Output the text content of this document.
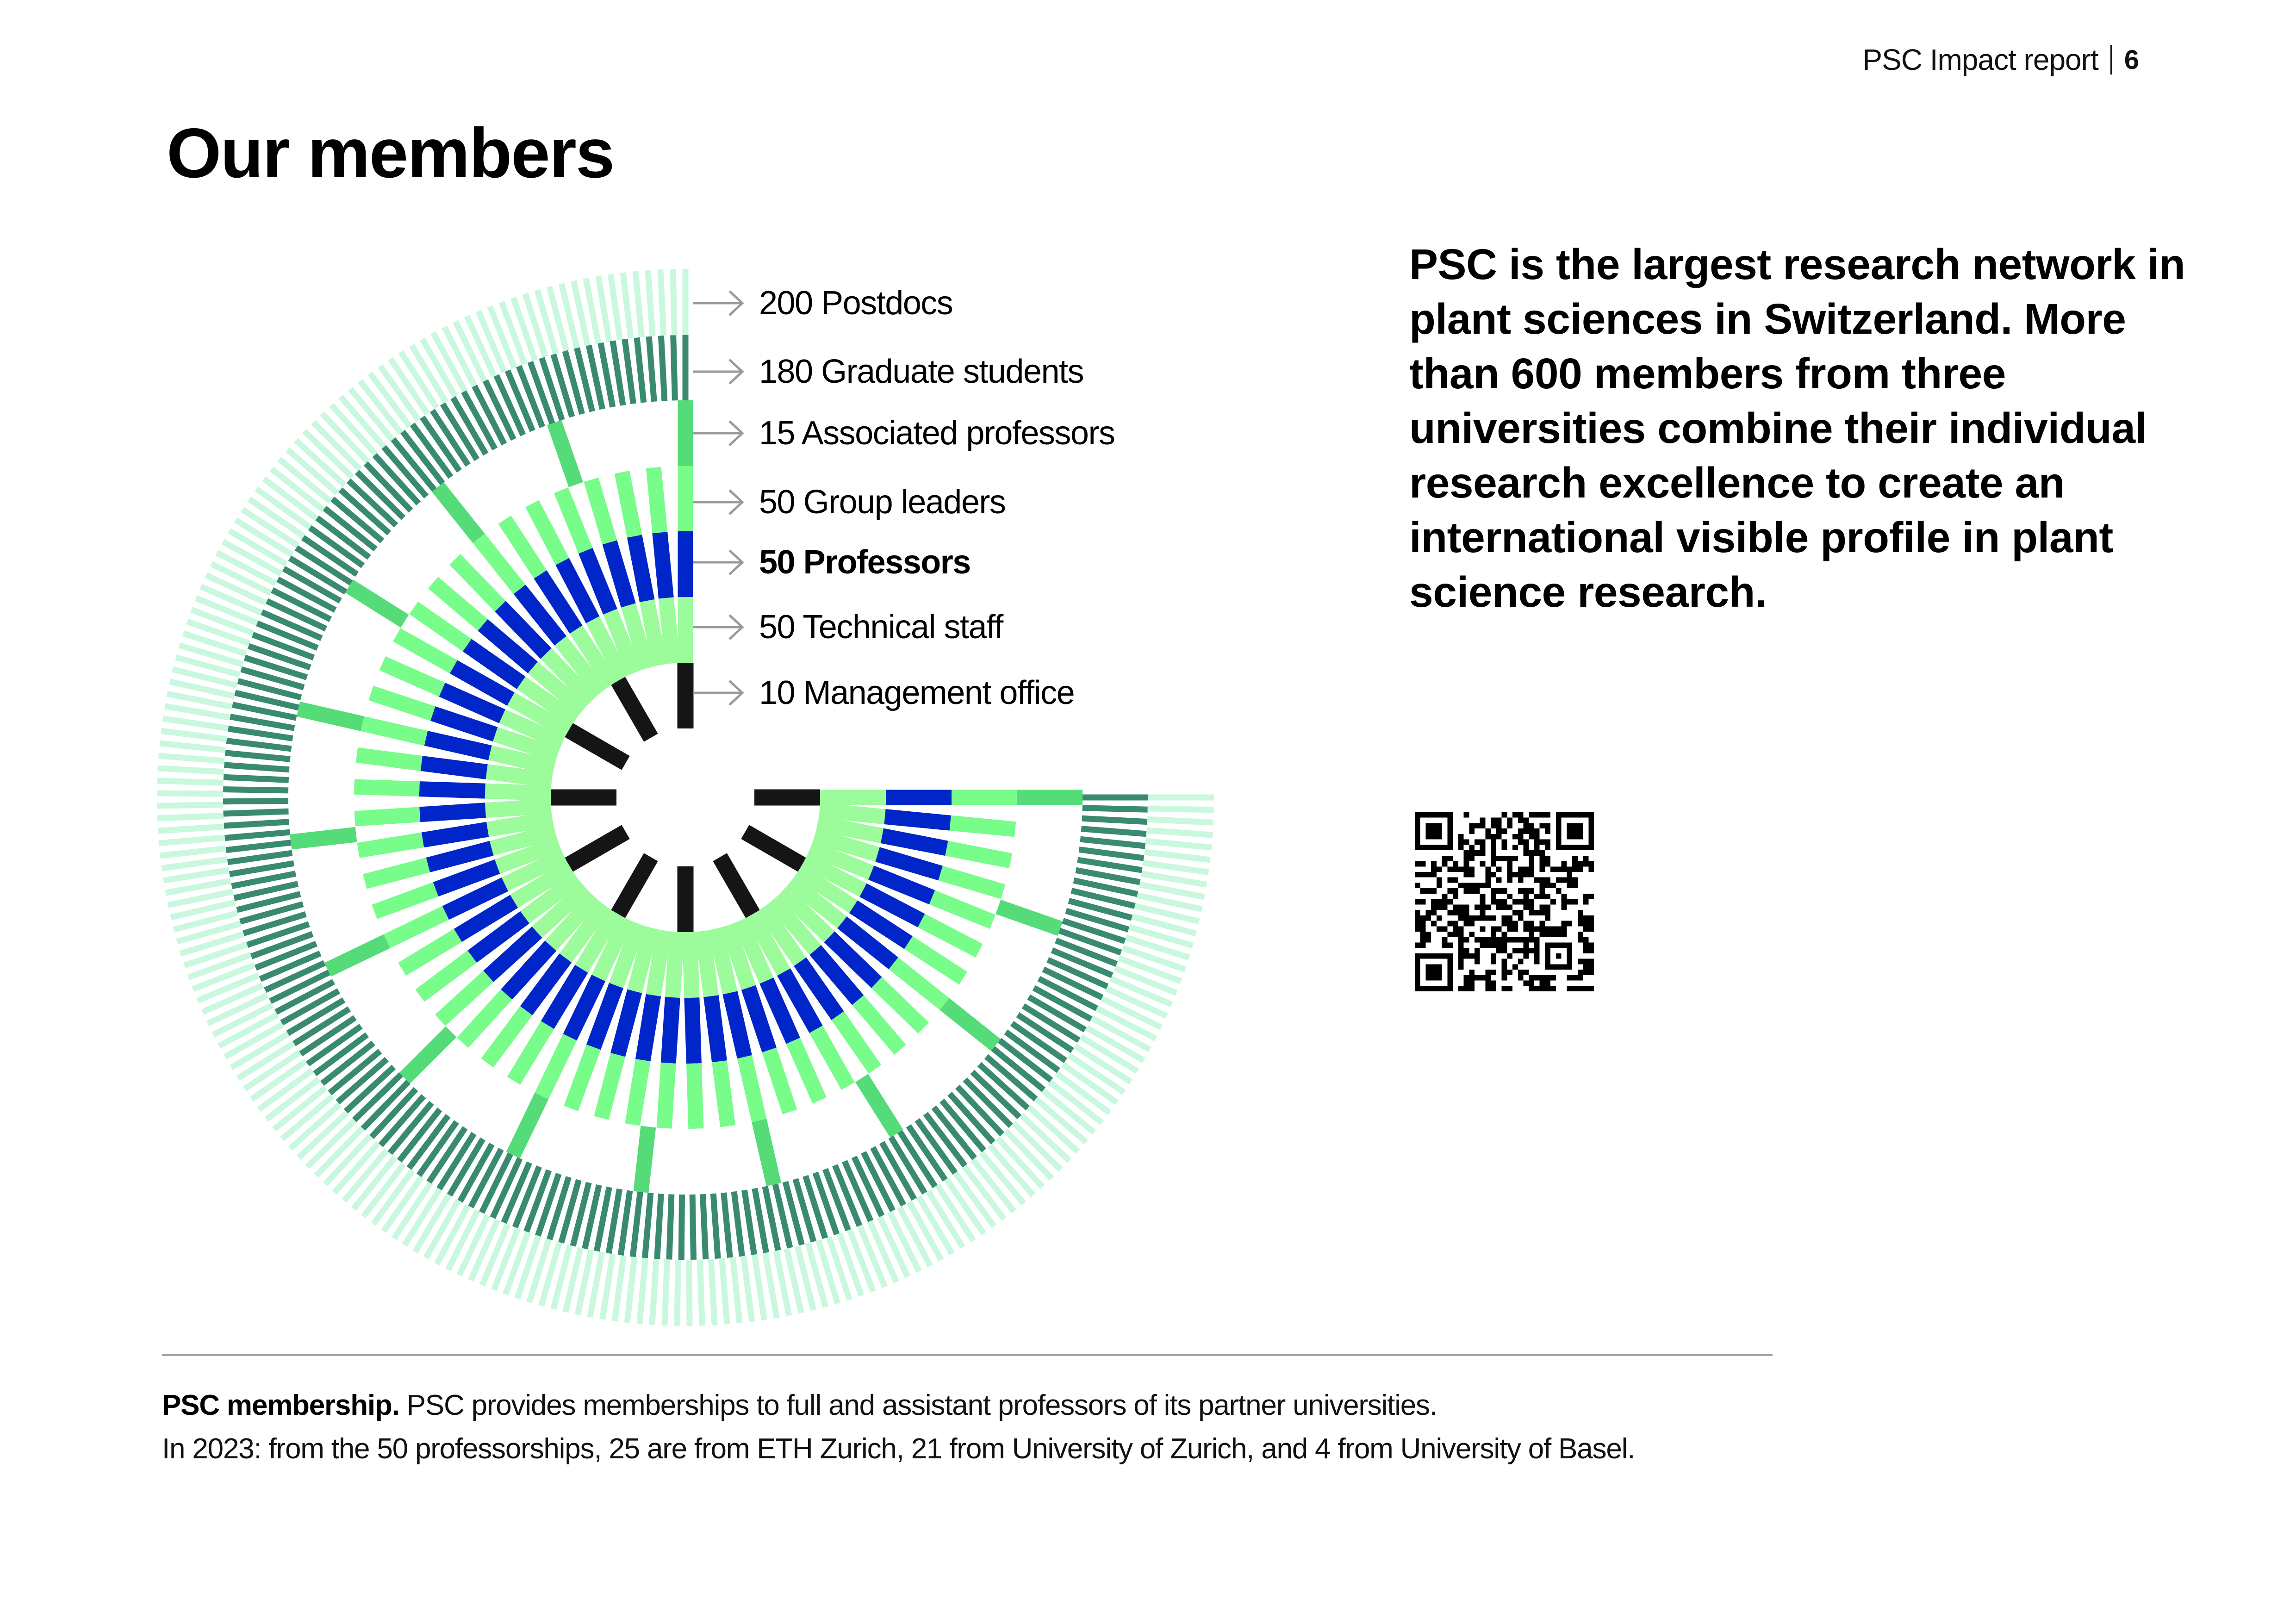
PSC Impact report 6
Our members
200 Postdocs
180 Graduate students
15 Associated professors
50 Group leaders
50 Professors
50 Technical staff
10 Management office

PSC is the largest research network in plant sciences in Switzerland. More than 600 members from three universities combine their individual research excellence to create an international visible profile in plant science research.

PSC membership. PSC provides memberships to full and assistant professors of its partner universities.
In 2023: from the 50 professorships, 25 are from ETH Zurich, 21 from University of Zurich, and 4 from University of Basel.
